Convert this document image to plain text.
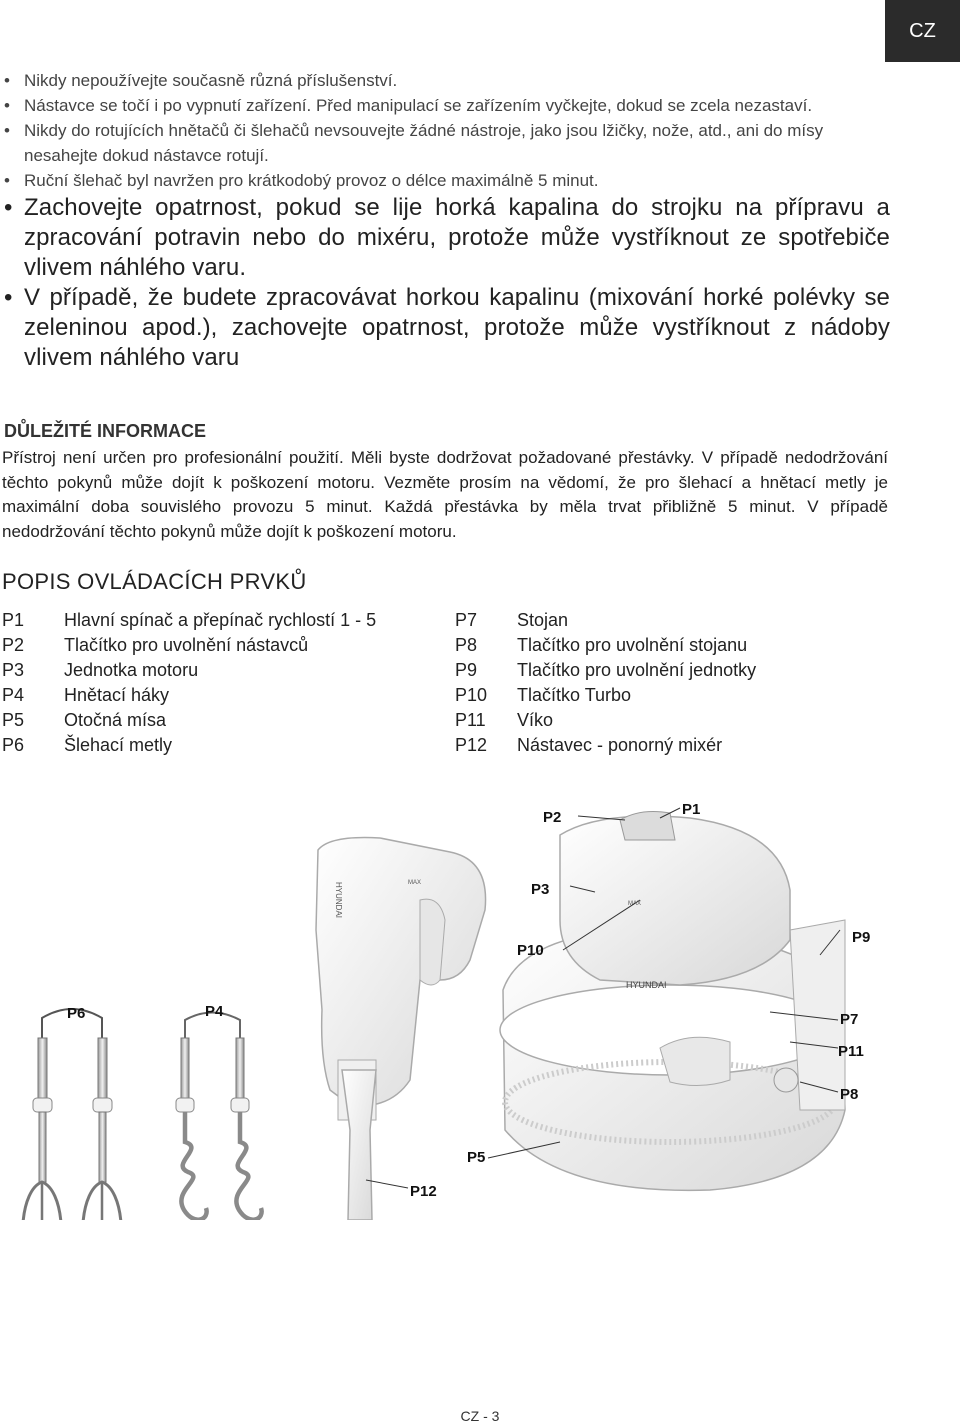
CZ
• Nikdy nepoužívejte současně různá příslušenství.
• Nástavce se točí i po vypnutí zařízení. Před manipulací se zařízením vyčkejte, dokud se zcela nezastaví.
• Nikdy do rotujících hnětačů či šlehačů nevsouvejte žádné nástroje, jako jsou lžičky, nože, atd., ani do mísy nesahejte dokud nástavce rotují.
• Ruční šlehač byl navržen pro krátkodobý provoz o délce maximálně 5 minut.
• Zachovejte opatrnost, pokud se lije horká kapalina do strojku na přípravu a zpracování potravin nebo do mixéru, protože může vystříknout ze spotřebiče vlivem náhlého varu.
• V případě, že budete zpracovávat horkou kapalinu (mixování horké polévky se zeleninou apod.), zachovejte opatrnost, protože může vystříknout z nádoby vlivem náhlého varu
DŮLEŽITÉ INFORMACE
Přístroj není určen pro profesionální použití. Měli byste dodržovat požadované přestávky. V případě nedodržování těchto pokynů může dojít k poškození motoru. Vezměte prosím na vědomí, že pro šlehací a hnětací metly je maximální doba souvislého provozu 5 minut. Každá přestávka by měla trvat přibližně 5 minut. V případě nedodržování těchto pokynů může dojít k poškození motoru.
POPIS OVLÁDACÍCH PRVKŮ
P1	Hlavní spínač a přepínač rychlostí 1 - 5
P2	Tlačítko pro uvolnění nástavců
P3	Jednotka motoru
P4	Hnětací háky
P5	Otočná mísa
P6	Šlehací metly
P7	Stojan
P8	Tlačítko pro uvolnění stojanu
P9	Tlačítko pro uvolnění jednotky
P10	Tlačítko Turbo
P11	Víko
P12	Nástavec - ponorný mixér
HYUNDAI	MAX
HYUNDAI
MAX
P1
P2
P3
P4
P5
P6	P7
P8
P9
P10
P11
P12
CZ - 3
